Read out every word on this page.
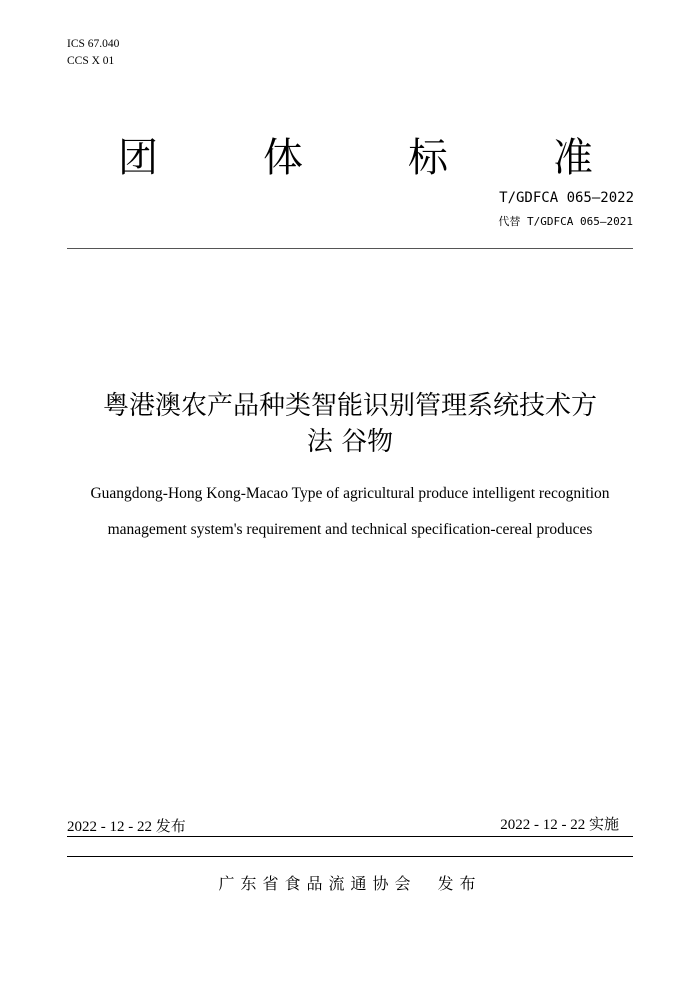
ICS 67.040
CCS X 01
团	体	标	准
T/GDFCA 065—2022
代替 T/GDFCA 065—2021
粤港澳农产品种类智能识别管理系统技术方
法 谷物
Guangdong-Hong Kong-Macao Type of agricultural produce intelligent recognition
management system's requirement and technical specification-cereal produces
2022 - 12 - 22 发布	2022 - 12 - 22 实施
广东省食品流通协会 发布
